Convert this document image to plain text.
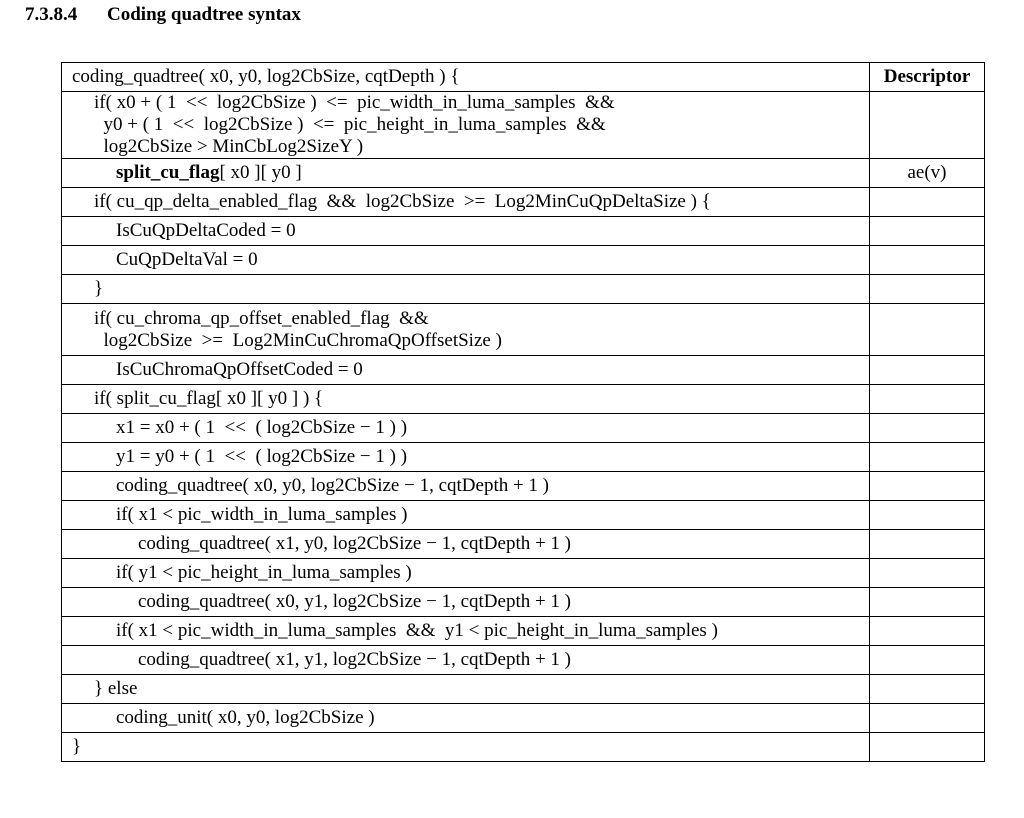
7.3.8.4 Coding quadtree syntax
coding_quadtree( x0, y0, log2CbSize, cqtDepth ) {	Descriptor

if( x0 + ( 1  <<  log2CbSize )  <=  pic_width_in_luma_samples  &&
y0 + ( 1  <<  log2CbSize )  <=  pic_height_in_luma_samples  &&
log2CbSize > MinCbLog2SizeY )	

split_cu_flag[ x0 ][ y0 ]	ae(v)

if( cu_qp_delta_enabled_flag  &&  log2CbSize  >=  Log2MinCuQpDeltaSize ) {	

IsCuQpDeltaCoded = 0	

CuQpDeltaVal = 0	

}	

if( cu_chroma_qp_offset_enabled_flag  &&
log2CbSize  >=  Log2MinCuChromaQpOffsetSize )	

IsCuChromaQpOffsetCoded = 0	

if( split_cu_flag[ x0 ][ y0 ] ) {	

x1 = x0 + ( 1  <<  ( log2CbSize − 1 ) )	

y1 = y0 + ( 1  <<  ( log2CbSize − 1 ) )	

coding_quadtree( x0, y0, log2CbSize − 1, cqtDepth + 1 )	

if( x1 < pic_width_in_luma_samples )	

coding_quadtree( x1, y0, log2CbSize − 1, cqtDepth + 1 )	

if( y1 < pic_height_in_luma_samples )	

coding_quadtree( x0, y1, log2CbSize − 1, cqtDepth + 1 )	

if( x1 < pic_width_in_luma_samples  &&  y1 < pic_height_in_luma_samples )	

coding_quadtree( x1, y1, log2CbSize − 1, cqtDepth + 1 )	

} else	

coding_unit( x0, y0, log2CbSize )	

}	
